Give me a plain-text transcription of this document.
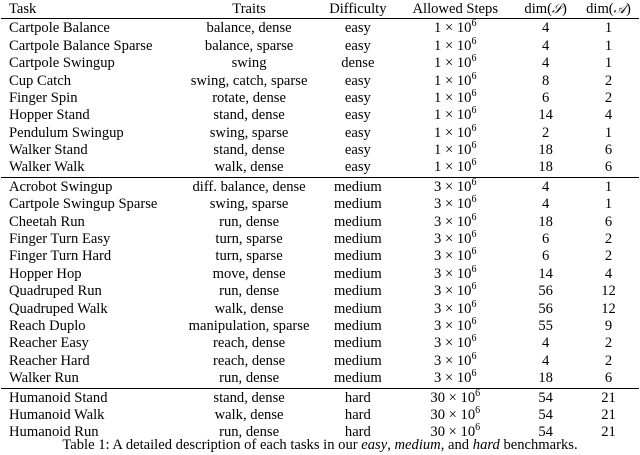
Task	Traits	Difficulty	Allowed Steps	dim(𝒮)	dim(𝒜)
Cartpole Balance	balance, dense	easy	$1 \times 10^6$	4	1
Cartpole Balance Sparse	balance, sparse	easy	$1 \times 10^6$	4	1
Cartpole Swingup	swing	dense	$1 \times 10^6$	4	1
Cup Catch	swing, catch, sparse	easy	$1 \times 10^6$	8	2
Finger Spin	rotate, dense	easy	$1 \times 10^6$	6	2
Hopper Stand	stand, dense	easy	$1 \times 10^6$	14	4
Pendulum Swingup	swing, sparse	easy	$1 \times 10^6$	2	1
Walker Stand	stand, dense	easy	$1 \times 10^6$	18	6
Walker Walk	walk, dense	easy	$1 \times 10^6$	18	6
Acrobot Swingup	diff. balance, dense	medium	$3 \times 10^6$	4	1
Cartpole Swingup Sparse	swing, sparse	medium	$3 \times 10^6$	4	1
Cheetah Run	run, dense	medium	$3 \times 10^6$	18	6
Finger Turn Easy	turn, sparse	medium	$3 \times 10^6$	6	2
Finger Turn Hard	turn, sparse	medium	$3 \times 10^6$	6	2
Hopper Hop	move, dense	medium	$3 \times 10^6$	14	4
Quadruped Run	run, dense	medium	$3 \times 10^6$	56	12
Quadruped Walk	walk, dense	medium	$3 \times 10^6$	56	12
Reach Duplo	manipulation, sparse	medium	$3 \times 10^6$	55	9
Reacher Easy	reach, dense	medium	$3 \times 10^6$	4	2
Reacher Hard	reach, dense	medium	$3 \times 10^6$	4	2
Walker Run	run, dense	medium	$3 \times 10^6$	18	6
Humanoid Stand	stand, dense	hard	$30 \times 10^6$	54	21
Humanoid Walk	walk, dense	hard	$30 \times 10^6$	54	21
Humanoid Run	run, dense	hard	$30 \times 10^6$	54	21
Table 1: A detailed description of each tasks in our easy, medium, and hard benchmarks.
